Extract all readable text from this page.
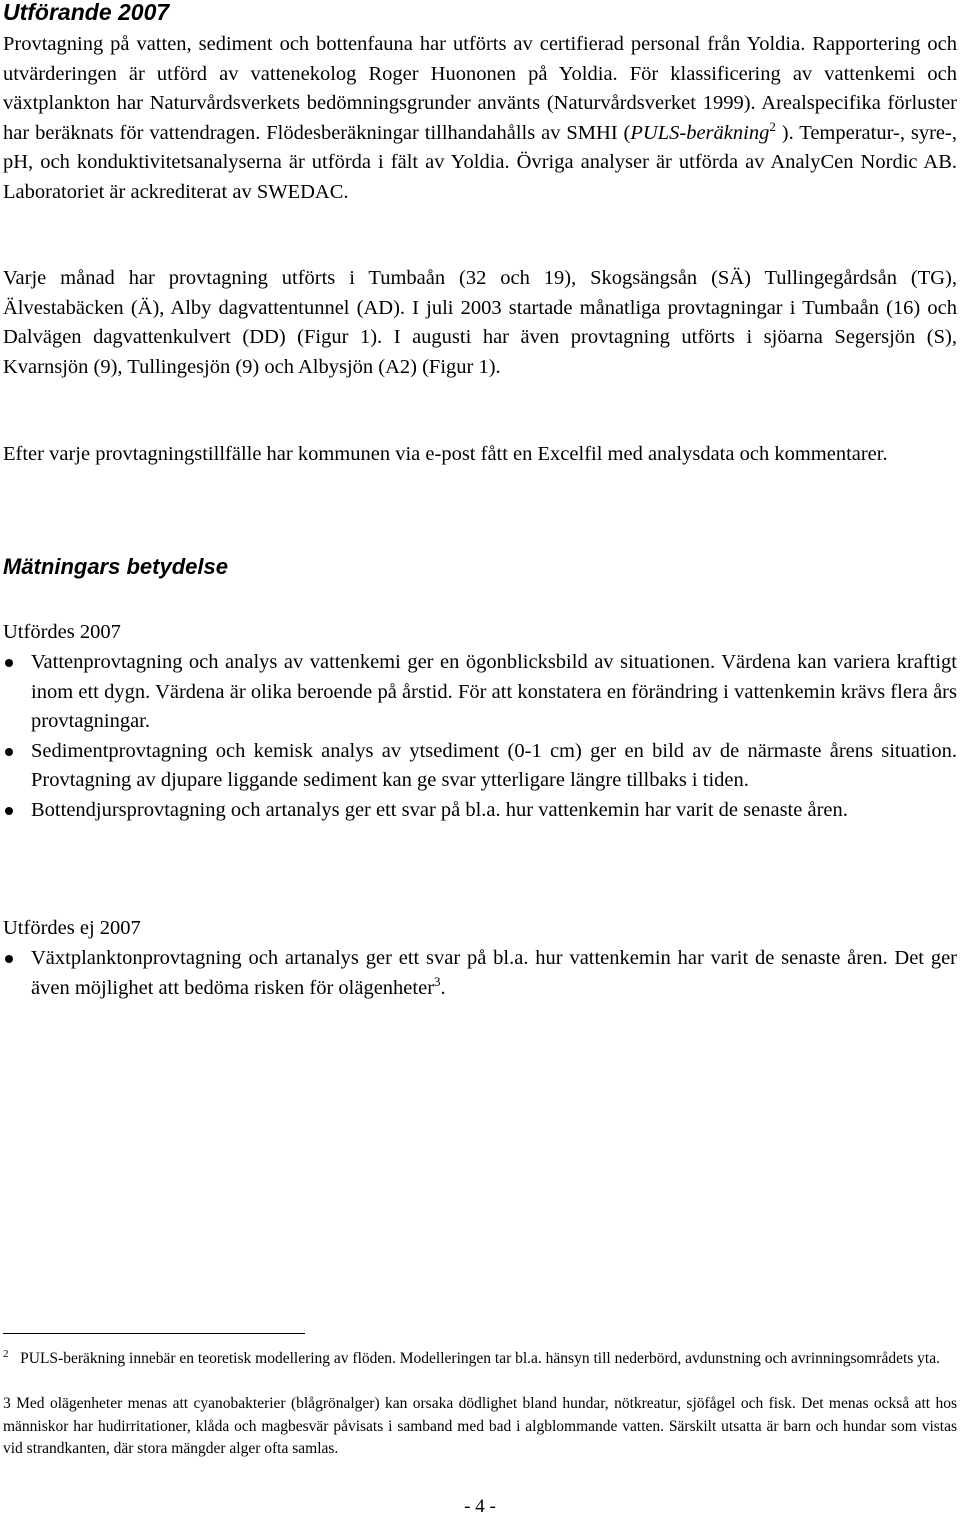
Utförande 2007

Provtagning på vatten, sediment och bottenfauna har utförts av certifierad personal från Yoldia. Rapportering och utvärderingen är utförd av vattenekolog Roger Huononen på Yoldia. För klassificering av vattenkemi och växtplankton har Naturvårdsverkets bedömningsgrunder använts (Naturvårdsverket 1999). Arealspecifika förluster har beräknats för vattendragen. Flödesberäkningar tillhandahålls av SMHI (PULS-beräkning$^2$ ). Temperatur-, syre-, pH, och konduktivitetsanalyserna är utförda i fält av Yoldia. Övriga analyser är utförda av AnalyCen Nordic AB. Laboratoriet är ackrediterat av SWEDAC.

Varje månad har provtagning utförts i Tumbaån (32 och 19), Skogsängsån (SÄ) Tullingegårdsån (TG), Älvestabäcken (Ä), Alby dagvattentunnel (AD). I juli 2003 startade månatliga provtagningar i Tumbaån (16) och Dalvägen dagvattenkulvert (DD) (Figur 1). I augusti har även provtagning utförts i sjöarna Segersjön (S), Kvarnsjön (9), Tullingesjön (9) och Albysjön (A2) (Figur 1).

Efter varje provtagningstillfälle har kommunen via e-post fått en Excelfil med analysdata och kommentarer.

Mätningars betydelse
Utfördes 2007
Vattenprovtagning och analys av vattenkemi ger en ögonblicksbild av situationen. Värdena kan variera kraftigt inom ett dygn. Värdena är olika beroende på årstid. För att konstatera en förändring i vattenkemin krävs flera års provtagningar.
Sedimentprovtagning och kemisk analys av ytsediment (0-1 cm) ger en bild av de närmaste årens situation. Provtagning av djupare liggande sediment kan ge svar ytterligare längre tillbaks i tiden.
Bottendjursprovtagning och artanalys ger ett svar på bl.a. hur vattenkemin har varit de senaste åren.
Utfördes ej 2007
Växtplanktonprovtagning och artanalys ger ett svar på bl.a. hur vattenkemin har varit de senaste åren. Det ger även möjlighet att bedöma risken för olägenheter$^3$.
$^2$ PULS-beräkning innebär en teoretisk modellering av flöden. Modelleringen tar bl.a. hänsyn till nederbörd, avdunstning och avrinningsområdets yta.
3 Med olägenheter menas att cyanobakterier (blågrönalger) kan orsaka dödlighet bland hundar, nötkreatur, sjöfågel och fisk. Det menas också att hos människor har hudirritationer, klåda och magbesvär påvisats i samband med bad i algblommande vatten. Särskilt utsatta är barn och hundar som vistas vid strandkanten, där stora mängder alger ofta samlas.
- 4 -
